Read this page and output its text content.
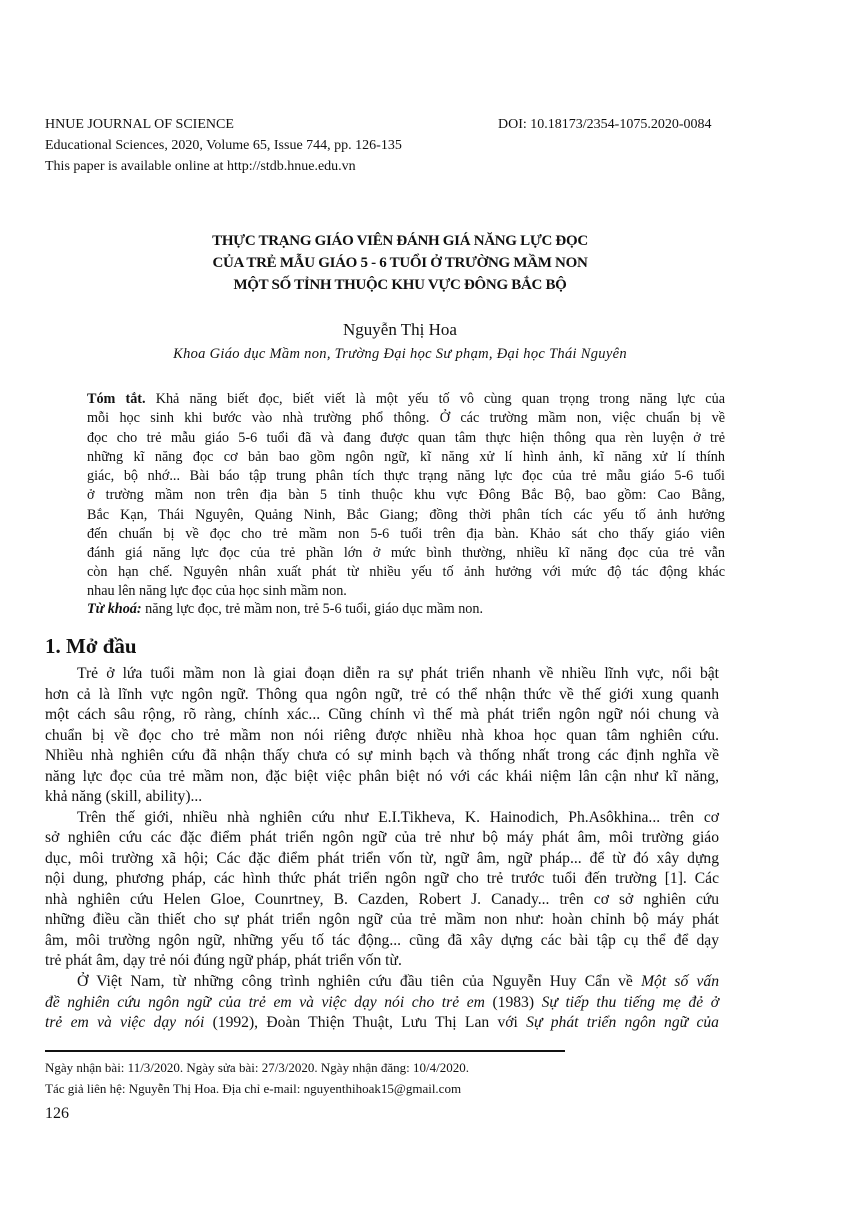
HNUE JOURNAL OF SCIENCE	DOI: 10.18173/2354-1075.2020-0084
Educational Sciences, 2020, Volume 65, Issue 744, pp. 126-135
This paper is available online at http://stdb.hnue.edu.vn
THỰC TRẠNG GIÁO VIÊN ĐÁNH GIÁ NĂNG LỰC ĐỌC
CỦA TRẺ MẪU GIÁO 5 - 6 TUỔI Ở TRƯỜNG MẦM NON
MỘT SỐ TỈNH THUỘC KHU VỰC ĐÔNG BẮC BỘ
Nguyễn Thị Hoa
Khoa Giáo dục Mầm non, Trường Đại học Sư phạm, Đại học Thái Nguyên
Tóm tắt. Khả năng biết đọc, biết viết là một yếu tố vô cùng quan trọng trong năng lực của
mỗi học sinh khi bước vào nhà trường phổ thông. Ở các trường mầm non, việc chuẩn bị về
đọc cho trẻ mẫu giáo 5-6 tuổi đã và đang được quan tâm thực hiện thông qua rèn luyện ở trẻ
những kĩ năng đọc cơ bản bao gồm ngôn ngữ, kĩ năng xử lí hình ảnh, kĩ năng xử lí thính
giác, bộ nhớ... Bài báo tập trung phân tích thực trạng năng lực đọc của trẻ mẫu giáo 5-6 tuổi
ở trường mầm non trên địa bàn 5 tỉnh thuộc khu vực Đông Bắc Bộ, bao gồm: Cao Bằng,
Bắc Kạn, Thái Nguyên, Quảng Ninh, Bắc Giang; đồng thời phân tích các yếu tố ảnh hưởng
đến chuẩn bị về đọc cho trẻ mầm non 5-6 tuổi trên địa bàn. Khảo sát cho thấy giáo viên
đánh giá năng lực đọc của trẻ phần lớn ở mức bình thường, nhiều kĩ năng đọc của trẻ vẫn
còn hạn chế. Nguyên nhân xuất phát từ nhiều yếu tố ảnh hưởng với mức độ tác động khác
nhau lên năng lực đọc của học sinh mầm non.
Từ khoá: năng lực đọc, trẻ mầm non, trẻ 5-6 tuổi, giáo dục mầm non.
1. Mở đầu
Trẻ ở lứa tuổi mầm non là giai đoạn diễn ra sự phát triển nhanh về nhiều lĩnh vực, nổi bật
hơn cả là lĩnh vực ngôn ngữ. Thông qua ngôn ngữ, trẻ có thể nhận thức về thế giới xung quanh
một cách sâu rộng, rõ ràng, chính xác... Cũng chính vì thế mà phát triển ngôn ngữ nói chung và
chuẩn bị về đọc cho trẻ mầm non nói riêng được nhiều nhà khoa học quan tâm nghiên cứu.
Nhiều nhà nghiên cứu đã nhận thấy chưa có sự minh bạch và thống nhất trong các định nghĩa về
năng lực đọc của trẻ mầm non, đặc biệt việc phân biệt nó với các khái niệm lân cận như kĩ năng,
khả năng (skill, ability)...
Trên thế giới, nhiều nhà nghiên cứu như E.I.Tikheva, K. Hainodich, Ph.Asôkhina... trên cơ
sở nghiên cứu các đặc điểm phát triển ngôn ngữ của trẻ như bộ máy phát âm, môi trường giáo
dục, môi trường xã hội; Các đặc điểm phát triển vốn từ, ngữ âm, ngữ pháp... để từ đó xây dựng
nội dung, phương pháp, các hình thức phát triển ngôn ngữ cho trẻ trước tuổi đến trường [1]. Các
nhà nghiên cứu Helen Gloe, Counrtney, B. Cazden, Robert J. Canady... trên cơ sở nghiên cứu
những điều cần thiết cho sự phát triển ngôn ngữ của trẻ mầm non như: hoàn chỉnh bộ máy phát
âm, môi trường ngôn ngữ, những yếu tố tác động... cũng đã xây dựng các bài tập cụ thể để dạy
trẻ phát âm, dạy trẻ nói đúng ngữ pháp, phát triển vốn từ.
Ở Việt Nam, từ những công trình nghiên cứu đầu tiên của Nguyễn Huy Cẩn về Một số vấn
đề nghiên cứu ngôn ngữ của trẻ em và việc dạy nói cho trẻ em (1983) Sự tiếp thu tiếng mẹ đẻ ở
trẻ em và việc dạy nói (1992), Đoàn Thiện Thuật, Lưu Thị Lan với Sự phát triển ngôn ngữ của
Ngày nhận bài: 11/3/2020. Ngày sửa bài: 27/3/2020. Ngày nhận đăng: 10/4/2020.
Tác giả liên hệ: Nguyễn Thị Hoa. Địa chỉ e-mail: nguyenthihoak15@gmail.com
126
